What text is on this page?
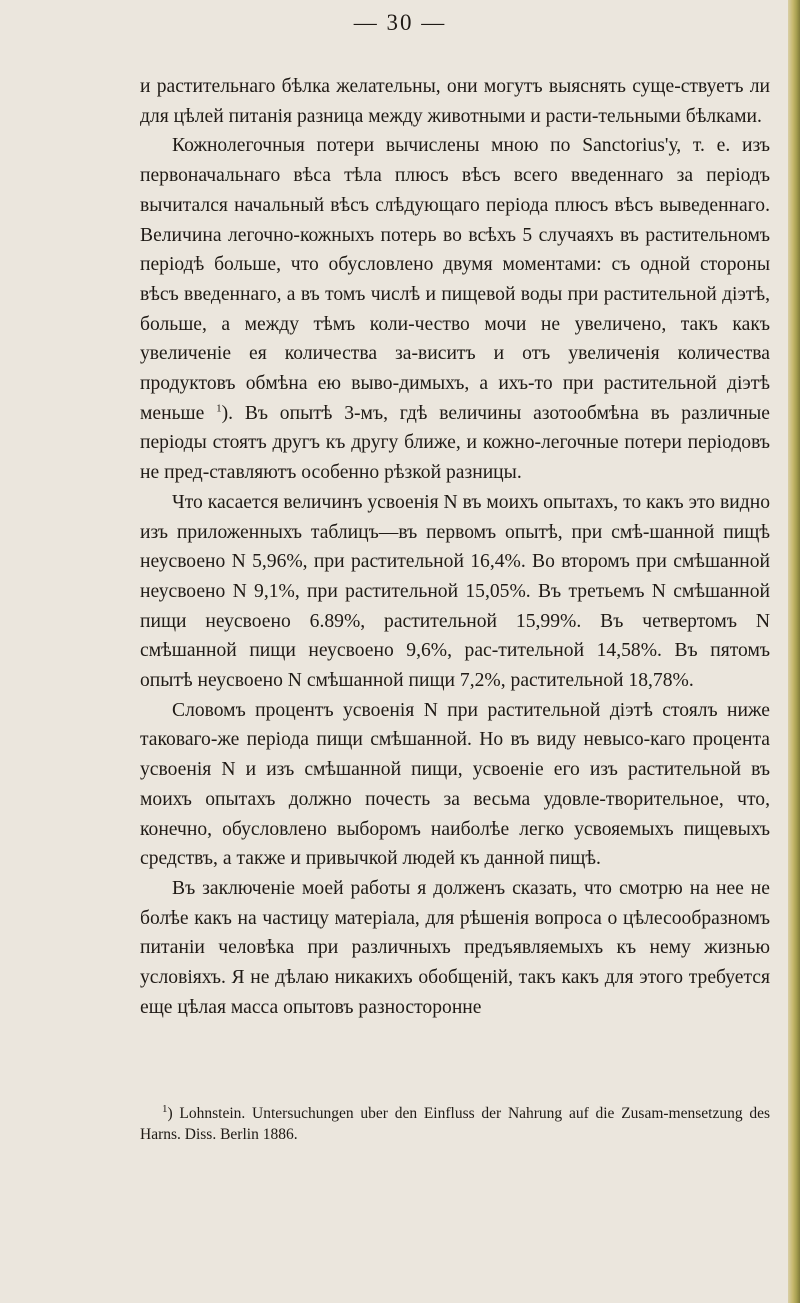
— 30 —

и растительнаго бѣлка желательны, они могутъ выяснять суще-ствуетъ ли для цѣлей питанія разница между животными и расти-тельными бѣлками.

Кожнолегочныя потери вычислены мною по Sanctorius'у, т. е. изъ первоначальнаго вѣса тѣла плюсъ вѣсъ всего введеннаго за періодъ вычитался начальный вѣсъ слѣдующаго періода плюсъ вѣсъ выведеннаго. Величина легочно-кожныхъ потерь во всѣхъ 5 случаяхъ въ растительномъ періодѣ больше, что обусловлено двумя моментами: съ одной стороны вѣсъ введеннаго, а въ томъ числѣ и пищевой воды при растительной діэтѣ, больше, а между тѣмъ коли-чество мочи не увеличено, такъ какъ увеличеніе ея количества за-виситъ и отъ увеличенія количества продуктовъ обмѣна ею выво-димыхъ, а ихъ-то при растительной діэтѣ меньше $^1$). Въ опытѣ 3-мъ, гдѣ величины азотообмѣна въ различные періоды стоятъ другъ къ другу ближе, и кожно-легочные потери періодовъ не пред-ставляютъ особенно рѣзкой разницы.

Что касается величинъ усвоенія N въ моихъ опытахъ, то какъ это видно изъ приложенныхъ таблицъ—въ первомъ опытѣ, при смѣ-шанной пищѣ неусвоено N 5,96%, при растительной 16,4%. Во второмъ при смѣшанной неусвоено N 9,1%, при растительной 15,05%. Въ третьемъ N смѣшанной пищи неусвоено 6.89%, растительной 15,99%. Въ четвертомъ N смѣшанной пищи неусвоено 9,6%, рас-тительной 14,58%. Въ пятомъ опытѣ неусвоено N смѣшанной пищи 7,2%, растительной 18,78%.

Словомъ процентъ усвоенія N при растительной діэтѣ стоялъ ниже таковаго-же періода пищи смѣшанной. Но въ виду невысо-каго процента усвоенія N и изъ смѣшанной пищи, усвоеніе его изъ растительной въ моихъ опытахъ должно почесть за весьма удовле-творительное, что, конечно, обусловлено выборомъ наиболѣе легко усвояемыхъ пищевыхъ средствъ, а также и привычкой людей къ данной пищѣ.

Въ заключеніе моей работы я долженъ сказать, что смотрю на нее не болѣе какъ на частицу матеріала, для рѣшенія вопроса о цѣлесообразномъ питаніи человѣка при различныхъ предъявляемыхъ къ нему жизнью условіяхъ. Я не дѣлаю никакихъ обобщеній, такъ какъ для этого требуется еще цѣлая масса опытовъ разносторонне

$^1$) Lohnstein. Untersuchungen uber den Einfluss der Nahrung auf die Zusam-mensetzung des Harns. Diss. Berlin 1886.
